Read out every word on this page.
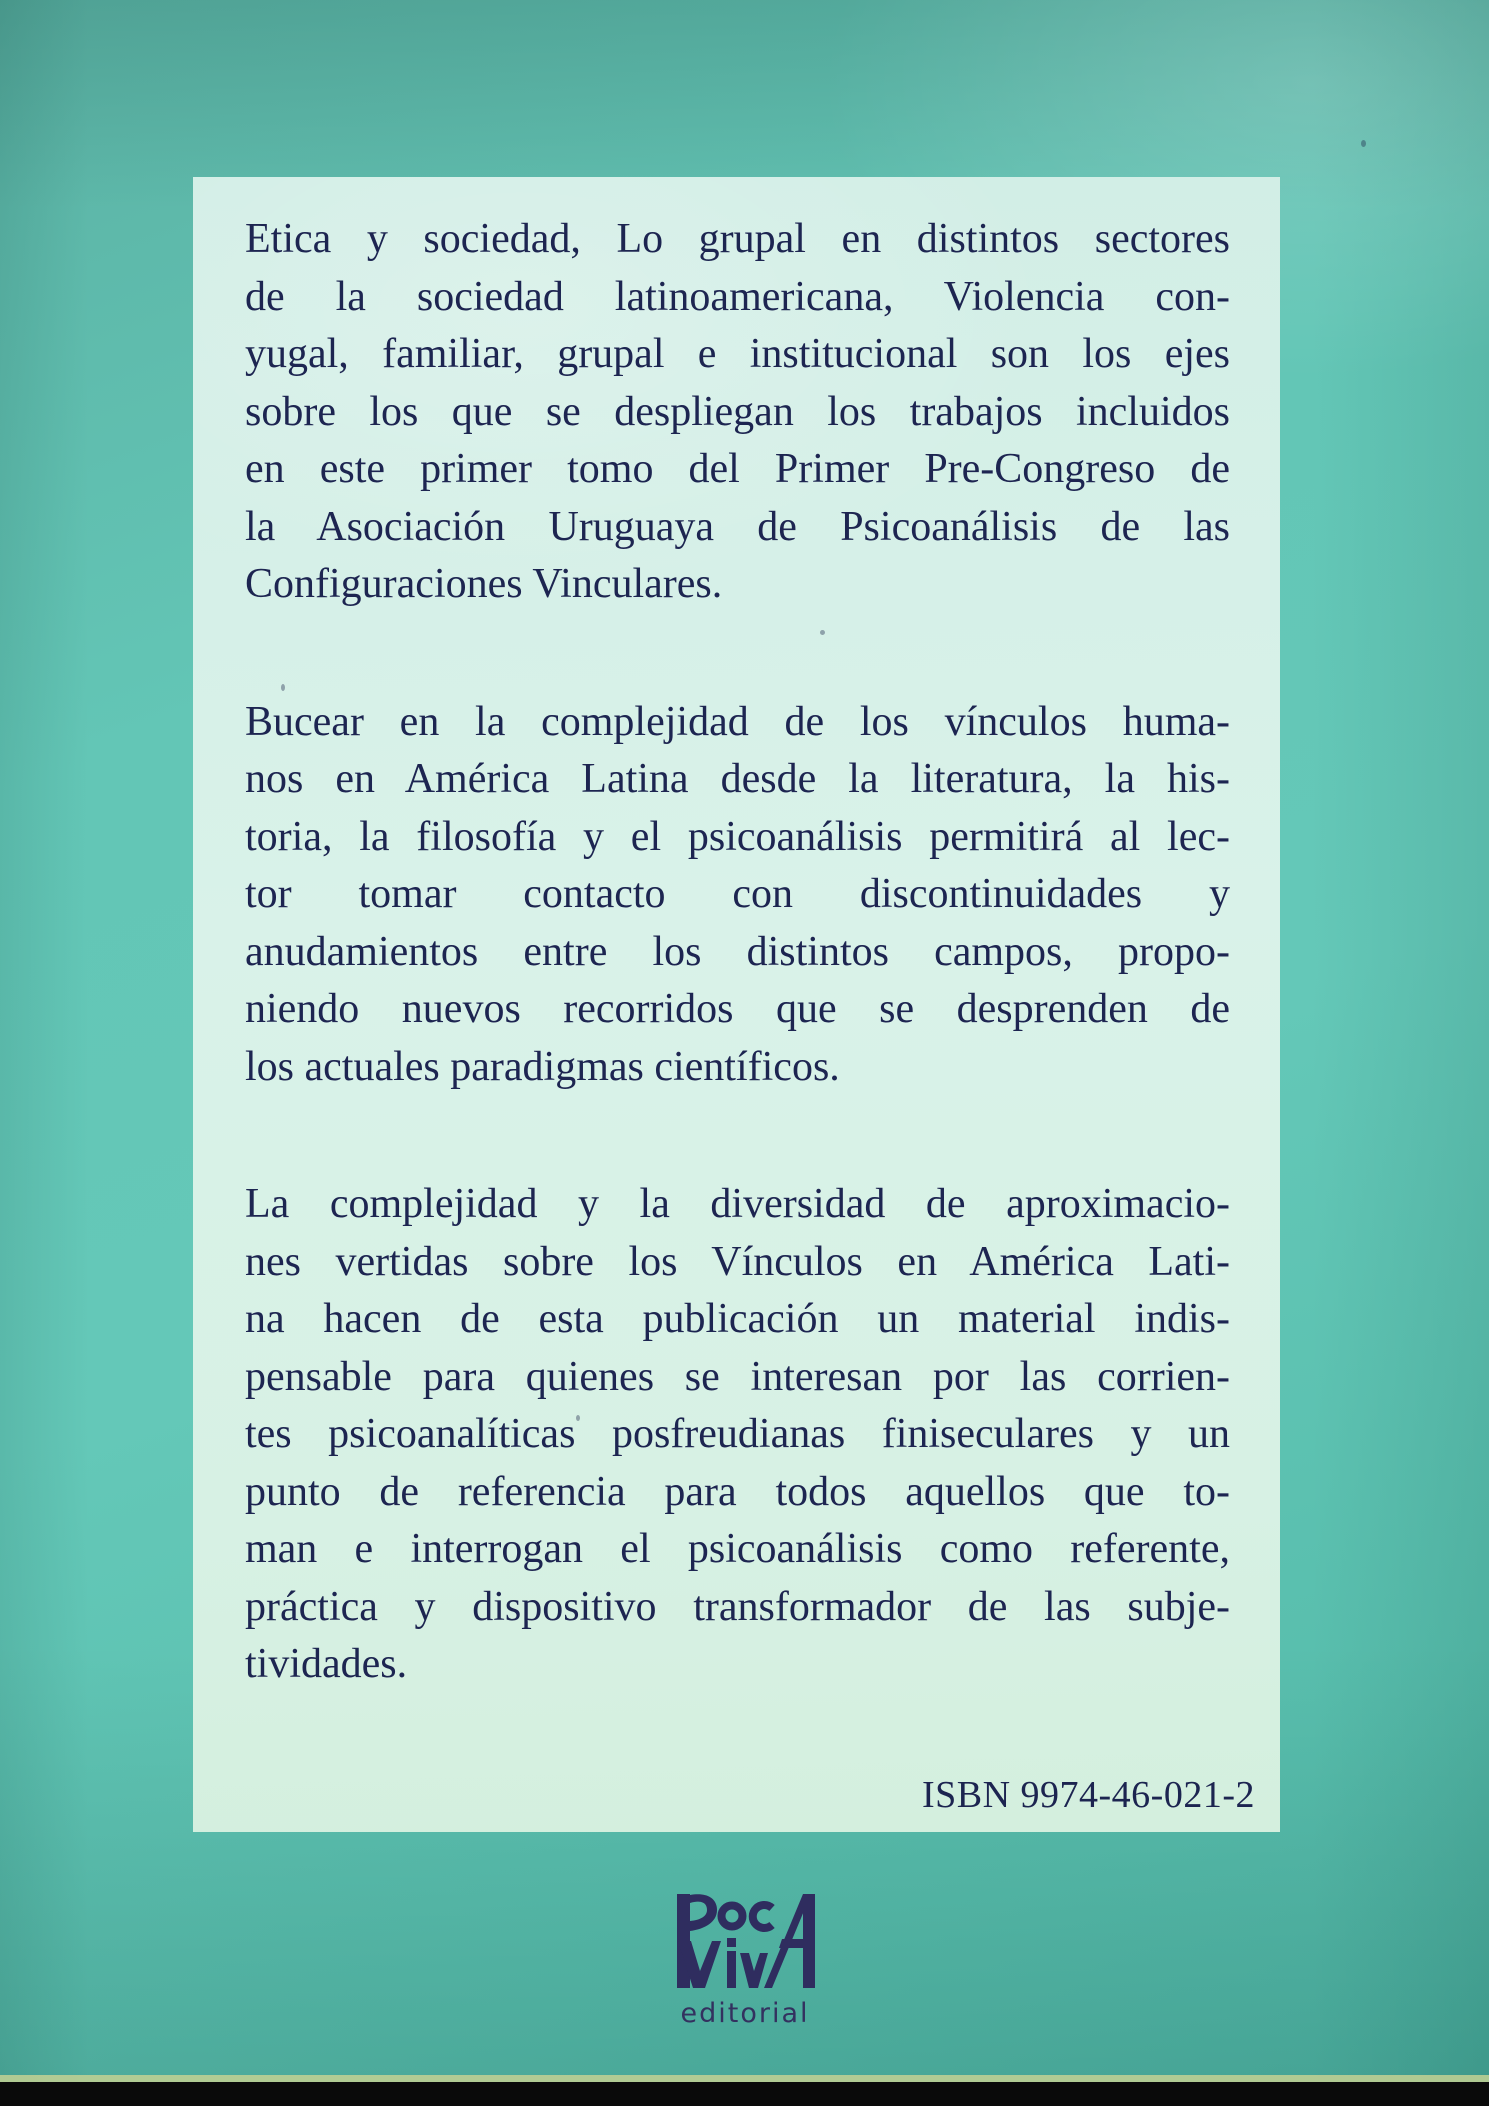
Etica y sociedad, Lo grupal en distintos sectores
de la sociedad latinoamericana, Violencia con-
yugal, familiar, grupal e institucional son los ejes
sobre los que se despliegan los trabajos incluidos
en este primer tomo del Primer Pre-Congreso de
la Asociación Uruguaya de Psicoanálisis de las
Configuraciones Vinculares.
Bucear en la complejidad de los vínculos huma-
nos en América Latina desde la literatura, la his-
toria, la filosofía y el psicoanálisis permitirá al lec-
tor tomar contacto con discontinuidades y
anudamientos entre los distintos campos, propo-
niendo nuevos recorridos que se desprenden de
los actuales paradigmas científicos.
La complejidad y la diversidad de aproximacio-
nes vertidas sobre los Vínculos en América Lati-
na hacen de esta publicación un material indis-
pensable para quienes se interesan por las corrien-
tes psicoanalíticas posfreudianas finiseculares y un
punto de referencia para todos aquellos que to-
man e interrogan el psicoanálisis como referente,
práctica y dispositivo transformador de las subje-
tividades.
ISBN 9974-46-021-2
editorial
